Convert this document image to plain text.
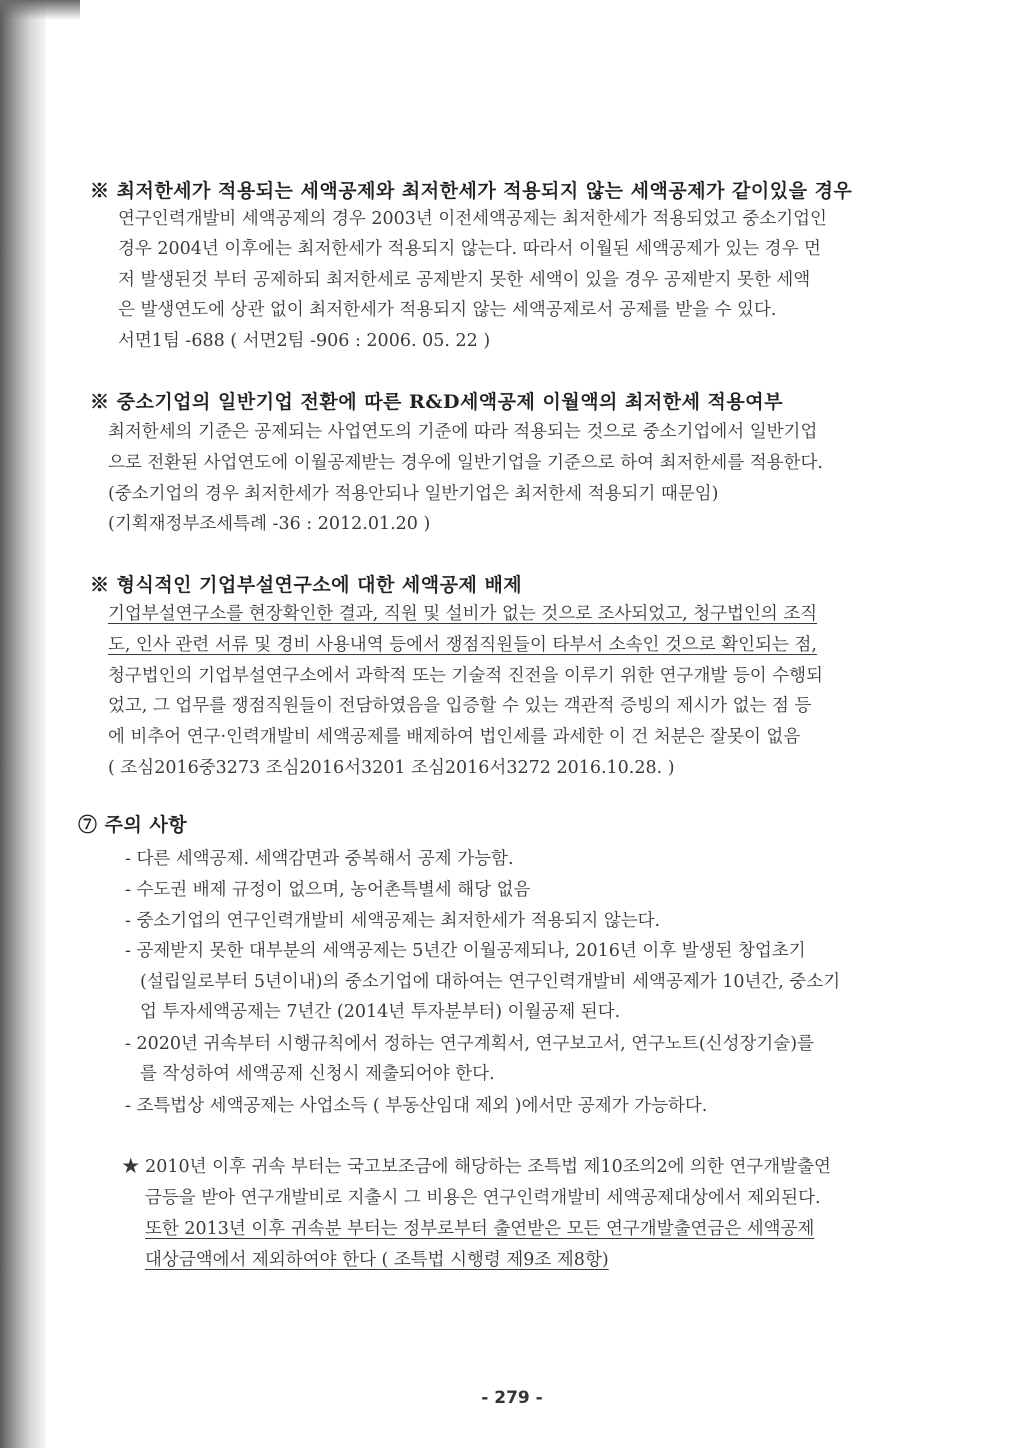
※ 최저한세가 적용되는 세액공제와 최저한세가 적용되지 않는 세액공제가 같이있을 경우
연구인력개발비 세액공제의 경우 2003년 이전세액공제는 최저한세가 적용되었고 중소기업인
경우 2004년 이후에는 최저한세가 적용되지 않는다. 따라서 이월된 세액공제가 있는 경우 먼
저 발생된것 부터 공제하되 최저한세로 공제받지 못한 세액이 있을 경우 공제받지 못한 세액
은 발생연도에 상관 없이 최저한세가 적용되지 않는 세액공제로서 공제를 받을 수 있다.
서면1팀 -688 ( 서면2팀 -906 : 2006. 05. 22 )
※ 중소기업의 일반기업 전환에 따른 R&D세액공제 이월액의 최저한세 적용여부
최저한세의 기준은 공제되는 사업연도의 기준에 따라 적용되는 것으로 중소기업에서 일반기업
으로 전환된 사업연도에 이월공제받는 경우에 일반기업을 기준으로 하여 최저한세를 적용한다.
(중소기업의 경우 최저한세가 적용안되나 일반기업은 최저한세 적용되기 때문임)
(기획재정부조세특례 -36 : 2012.01.20 )
※ 형식적인 기업부설연구소에 대한 세액공제 배제
기업부설연구소를 현장확인한 결과, 직원 및 설비가 없는 것으로 조사되었고, 청구법인의 조직
도, 인사 관련 서류 및 경비 사용내역 등에서 쟁점직원들이 타부서 소속인 것으로 확인되는 점,
청구법인의 기업부설연구소에서 과학적 또는 기술적 진전을 이루기 위한 연구개발 등이 수행되
었고, 그 업무를 쟁점직원들이 전담하였음을 입증할 수 있는 객관적 증빙의 제시가 없는 점 등
에 비추어 연구·인력개발비 세액공제를 배제하여 법인세를 과세한 이 건 처분은 잘못이 없음
( 조심2016중3273 조심2016서3201 조심2016서3272 2016.10.28. )
⑦ 주의 사항
- 다른 세액공제. 세액감면과 중복해서 공제 가능함.
- 수도권 배제 규정이 없으며, 농어촌특별세 해당 없음
- 중소기업의 연구인력개발비 세액공제는 최저한세가 적용되지 않는다.
- 공제받지 못한 대부분의 세액공제는 5년간 이월공제되나, 2016년 이후 발생된 창업초기
(설립일로부터 5년이내)의 중소기업에 대하여는 연구인력개발비 세액공제가 10년간, 중소기
업 투자세액공제는 7년간 (2014년 투자분부터) 이월공제 된다.
- 2020년 귀속부터 시행규칙에서 정하는 연구계획서, 연구보고서, 연구노트(신성장기술)를
를 작성하여 세액공제 신청시 제출되어야 한다.
- 조특법상 세액공제는 사업소득 ( 부동산임대 제외 )에서만 공제가 가능하다.
★ 2010년 이후 귀속 부터는 국고보조금에 해당하는 조특법 제10조의2에 의한 연구개발출연
금등을 받아 연구개발비로 지출시 그 비용은 연구인력개발비 세액공제대상에서 제외된다.
또한 2013년 이후 귀속분 부터는 정부로부터 출연받은 모든 연구개발출연금은 세액공제
대상금액에서 제외하여야 한다 ( 조특법 시행령 제9조 제8항)
- 279 -
